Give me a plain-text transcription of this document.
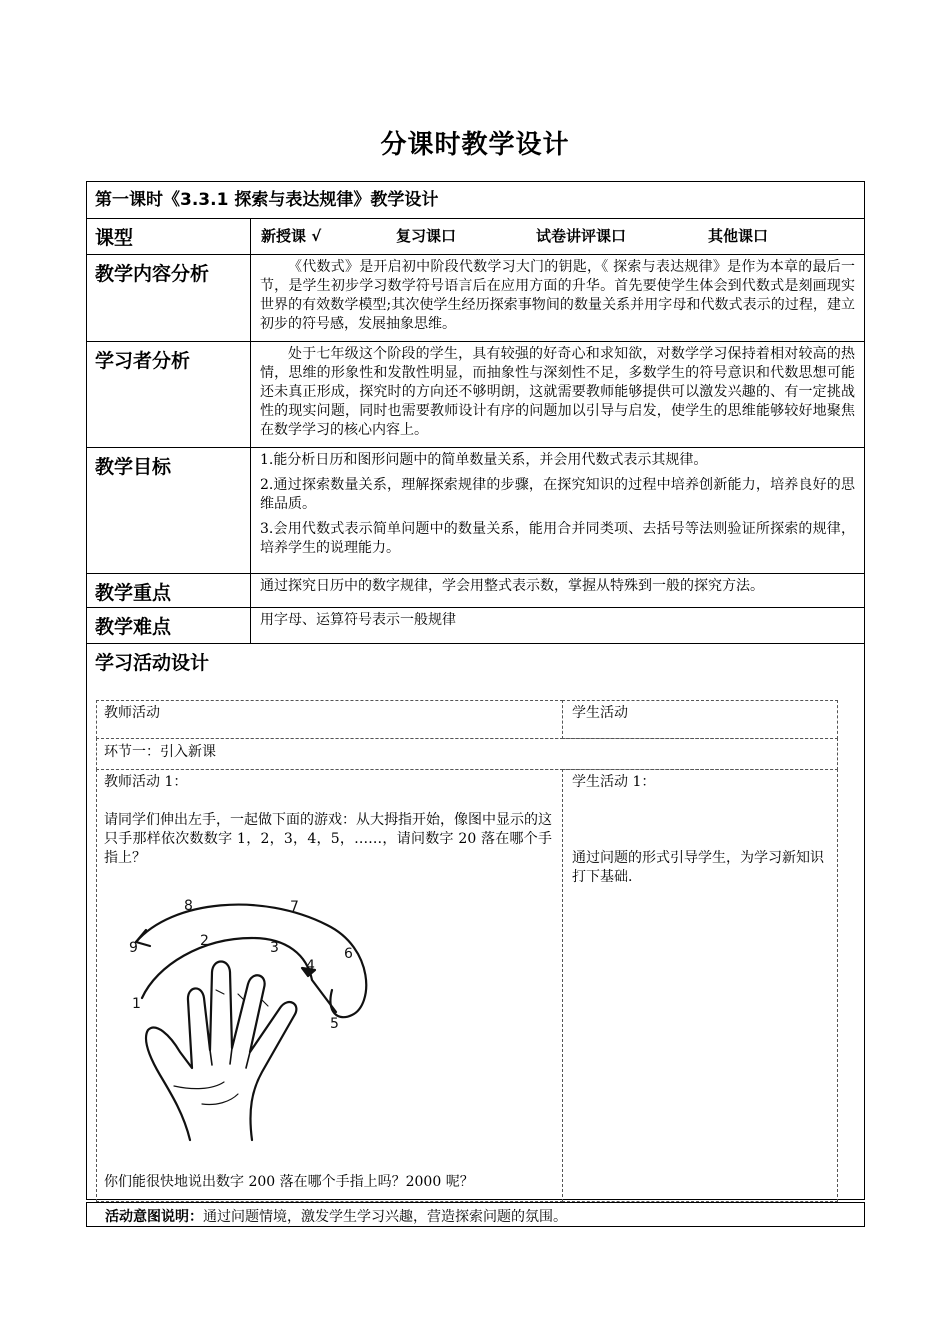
分课时教学设计
第一课时《3.3.1 探索与表达规律》教学设计	
课型	新授课 √ 复习课口 试卷讲评课口 其他课口
教学内容分析	《代数式》是开启初中阶段代数学习大门的钥匙，《 探索与表达规律》是作为本章的最后一节，是学生初步学习数学符号语言后在应用方面的升华。首先要使学生体会到代数式是刻画现实世界的有效数学模型;其次使学生经历探索事物间的数量关系并用字母和代数式表示的过程，建立初步的符号感，发展抽象思维。
学习者分析	处于七年级这个阶段的学生，具有较强的好奇心和求知欲，对数学学习保持着相对较高的热情，思维的形象性和发散性明显，而抽象性与深刻性不足，多数学生的符号意识和代数思想可能还未真正形成，探究时的方向还不够明朗，这就需要教师能够提供可以激发兴趣的、有一定挑战性的现实问题，同时也需要教师设计有序的问题加以引导与启发，使学生的思维能够较好地聚焦在数学学习的核心内容上。
教学目标	1.能分析日历和图形问题中的简单数量关系，并会用代数式表示其规律。

2.通过探索数量关系，理解探索规律的步骤，在探究知识的过程中培养创新能力，培养良好的思维品质。

3.会用代数式表示简单问题中的数量关系，能用合并同类项、去括号等法则验证所探索的规律，培养学生的说理能力。

教学重点	通过探究日历中的数字规律，学会用整式表示数，掌握从特殊到一般的探究方法。
教学难点	用字母、运算符号表示一般规律
学习活动设计	
教师活动	学生活动
环节一：引入新课
教师活动 1：
请同学们伸出左手，一起做下面的游戏：从大拇指开始，像图中显示的这只手那样依次数数字 1，2，3，4，5，……，请问数字 20 落在哪个手指上？
9
8	7
6
1
2	3
4
5
你们能很快地说出数字 200 落在哪个手指上吗？2000 呢？
学生活动 1：
通过问题的形式引导学生，为学习新知识打下基础.
活动意图说明：通过问题情境，激发学生学习兴趣，营造探索问题的氛围。
